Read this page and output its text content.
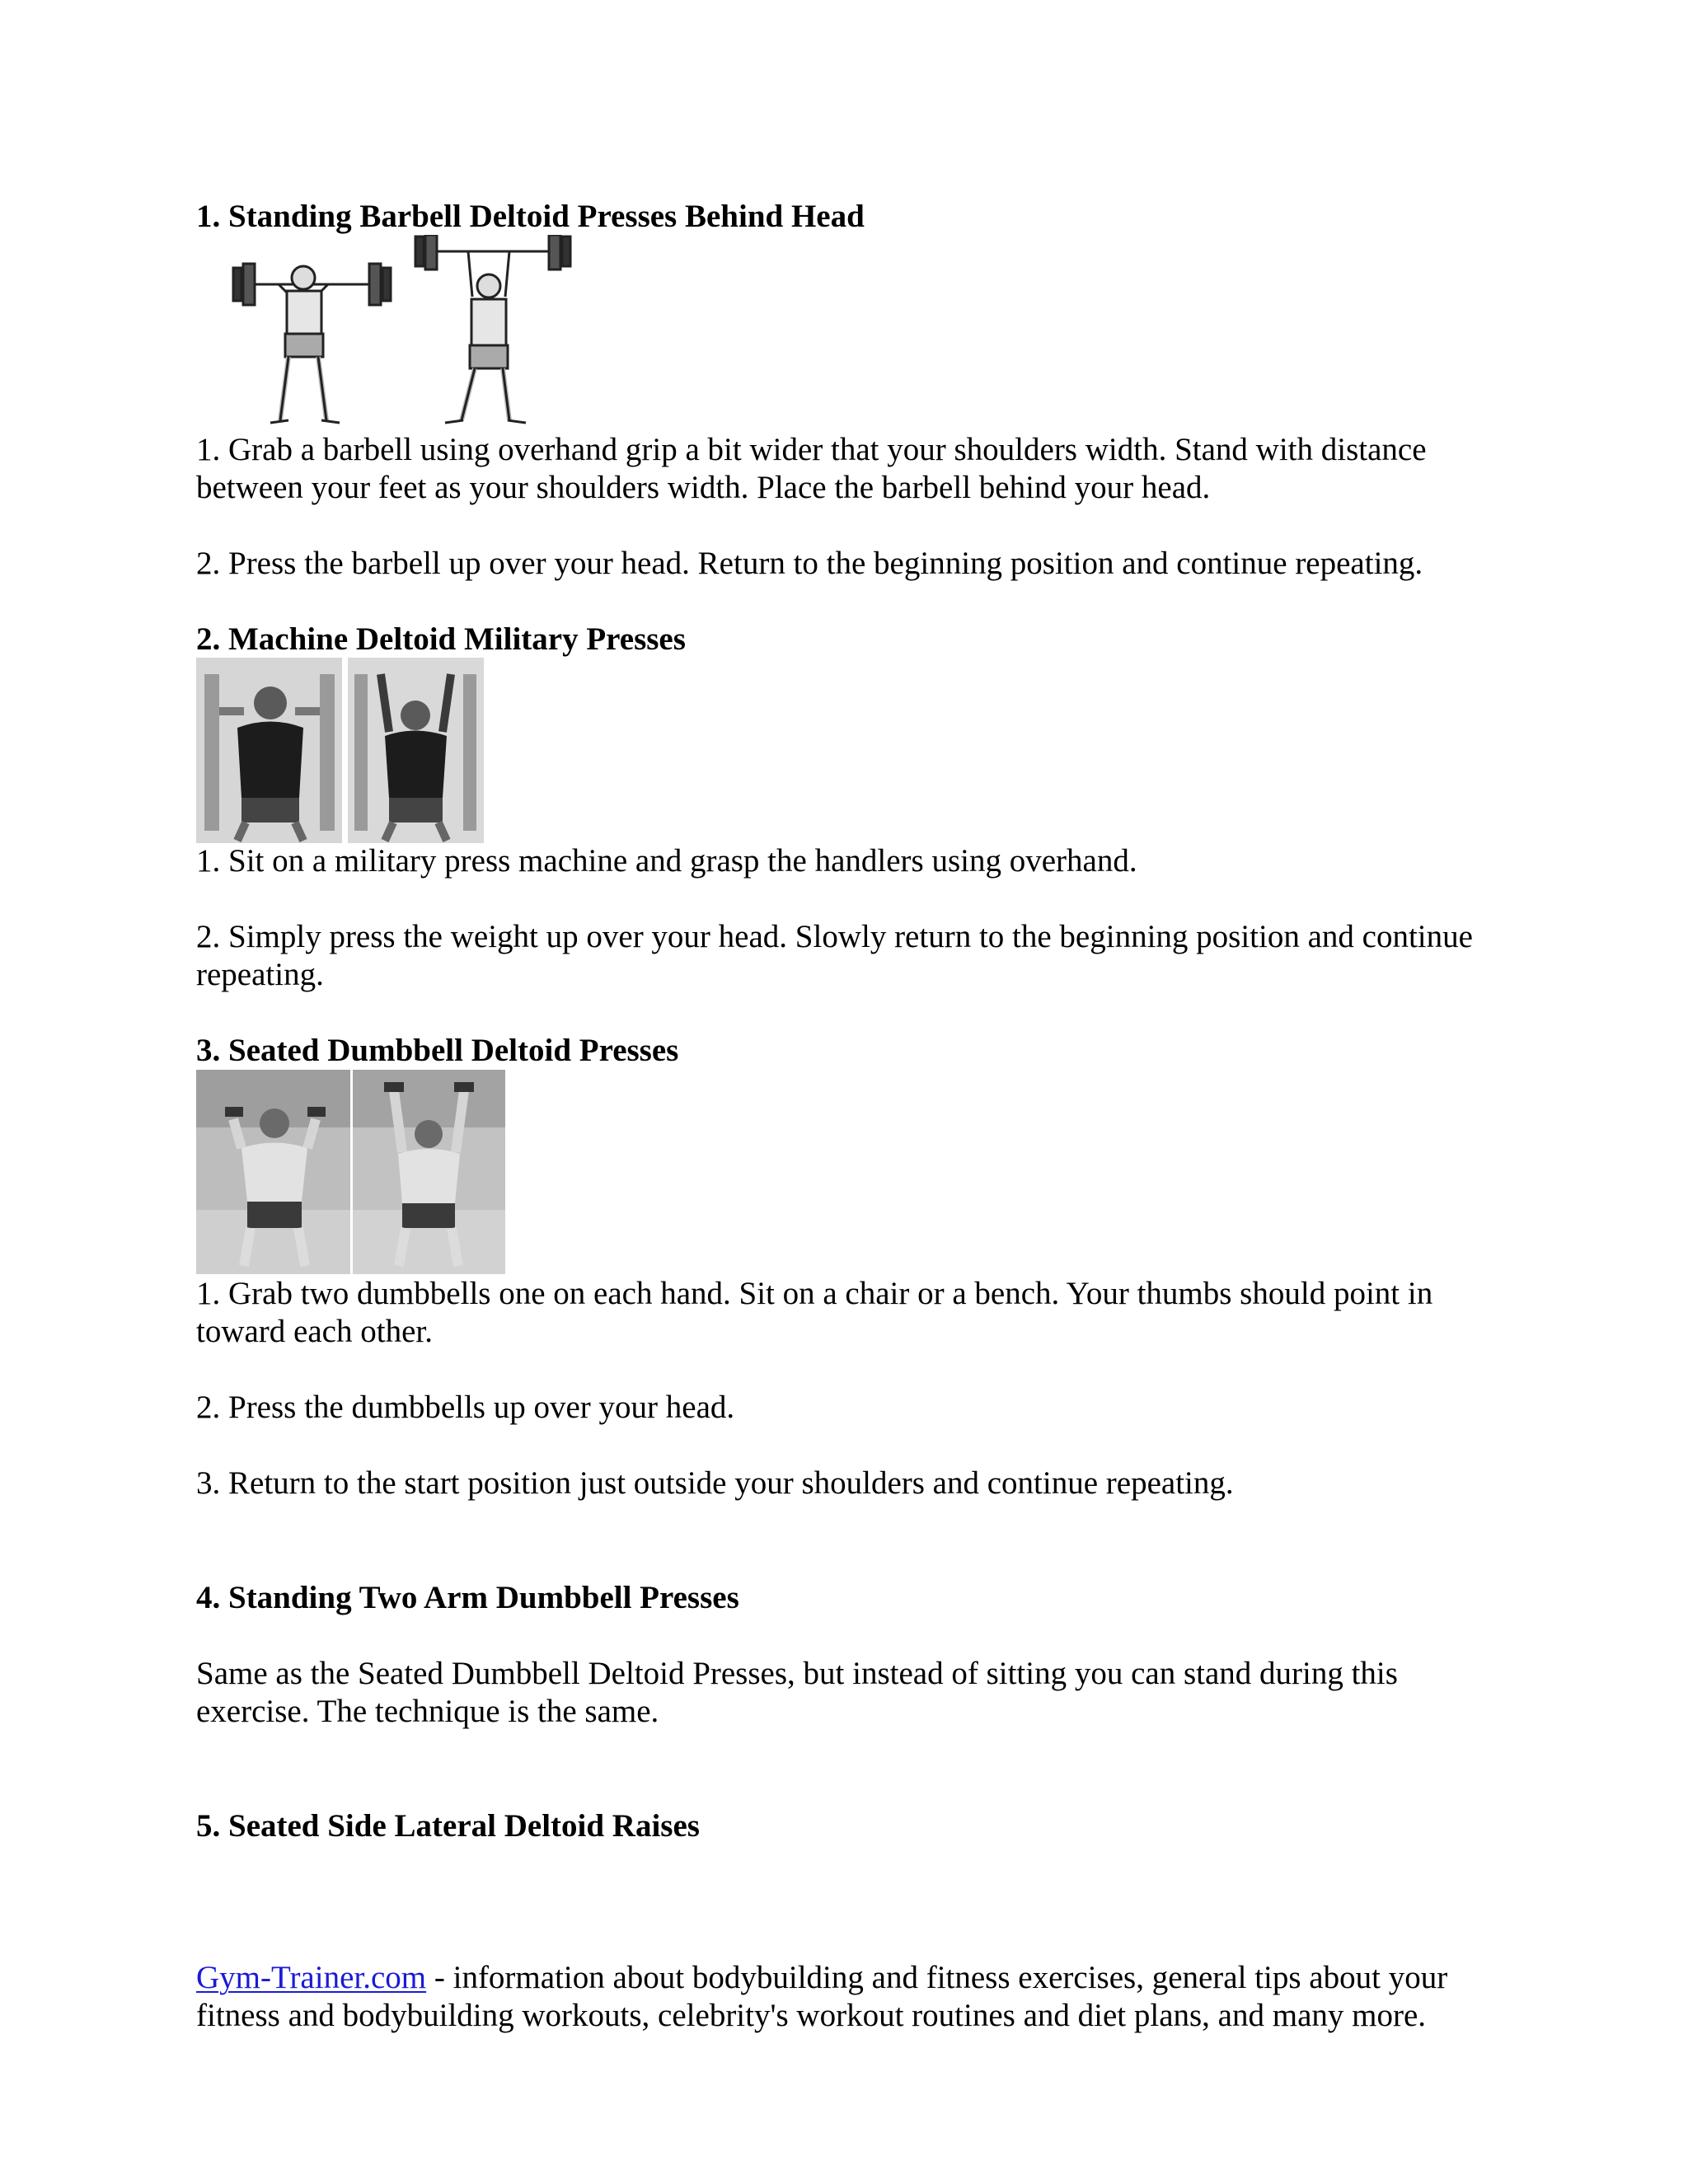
1. Standing Barbell Deltoid Presses Behind Head

1. Grab a barbell using overhand grip a bit wider that your shoulders width. Stand with distance between your feet as your shoulders width. Place the barbell behind your head.

2. Press the barbell up over your head. Return to the beginning position and continue repeating.

2. Machine Deltoid Military Presses

1. Sit on a military press machine and grasp the handlers using overhand.

2. Simply press the weight up over your head. Slowly return to the beginning position and continue repeating.

3. Seated Dumbbell Deltoid Presses

1. Grab two dumbbells one on each hand. Sit on a chair or a bench. Your thumbs should point in toward each other.

2. Press the dumbbells up over your head.

3. Return to the start position just outside your shoulders and continue repeating.

4. Standing Two Arm Dumbbell Presses

Same as the Seated Dumbbell Deltoid Presses, but instead of sitting you can stand during this exercise. The technique is the same.

5. Seated Side Lateral Deltoid Raises

Gym-Trainer.com - information about bodybuilding and fitness exercises, general tips about your fitness and bodybuilding workouts, celebrity's workout routines and diet plans, and many more.
